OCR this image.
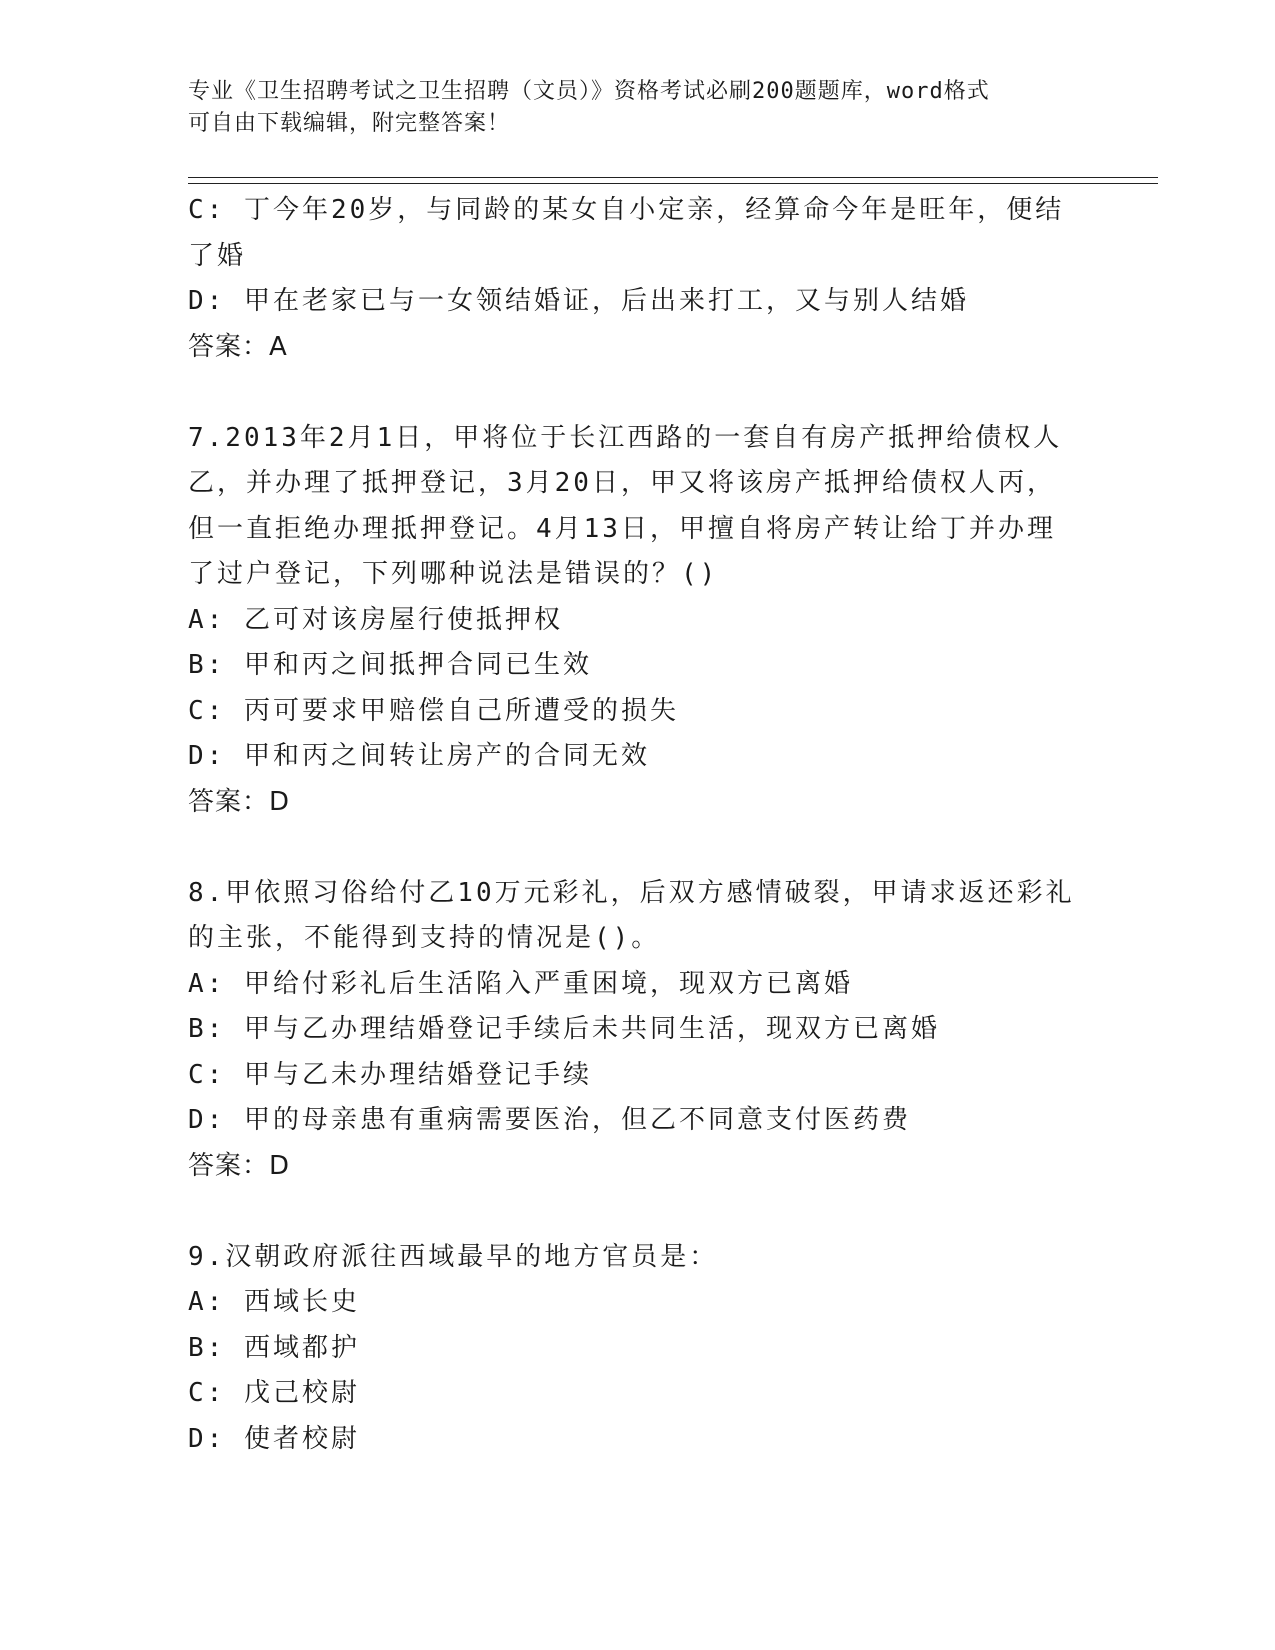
专业《卫生招聘考试之卫生招聘（文员）》资格考试必刷200题题库，word格式
可自由下载编辑，附完整答案！
C: 丁今年20岁，与同龄的某女自小定亲，经算命今年是旺年，便结
了婚
D: 甲在老家已与一女领结婚证，后出来打工，又与别人结婚
答案：A
7.2013年2月1日，甲将位于长江西路的一套自有房产抵押给债权人
乙，并办理了抵押登记，3月20日，甲又将该房产抵押给债权人丙，
但一直拒绝办理抵押登记。4月13日，甲擅自将房产转让给丁并办理
了过户登记，下列哪种说法是错误的？()
A: 乙可对该房屋行使抵押权
B: 甲和丙之间抵押合同已生效
C: 丙可要求甲赔偿自己所遭受的损失
D: 甲和丙之间转让房产的合同无效
答案：D
8.甲依照习俗给付乙10万元彩礼，后双方感情破裂，甲请求返还彩礼
的主张，不能得到支持的情况是()。
A: 甲给付彩礼后生活陷入严重困境，现双方已离婚
B: 甲与乙办理结婚登记手续后未共同生活，现双方已离婚
C: 甲与乙未办理结婚登记手续
D: 甲的母亲患有重病需要医治，但乙不同意支付医药费
答案：D
9.汉朝政府派往西域最早的地方官员是：
A: 西域长史
B: 西域都护
C: 戊己校尉
D: 使者校尉
